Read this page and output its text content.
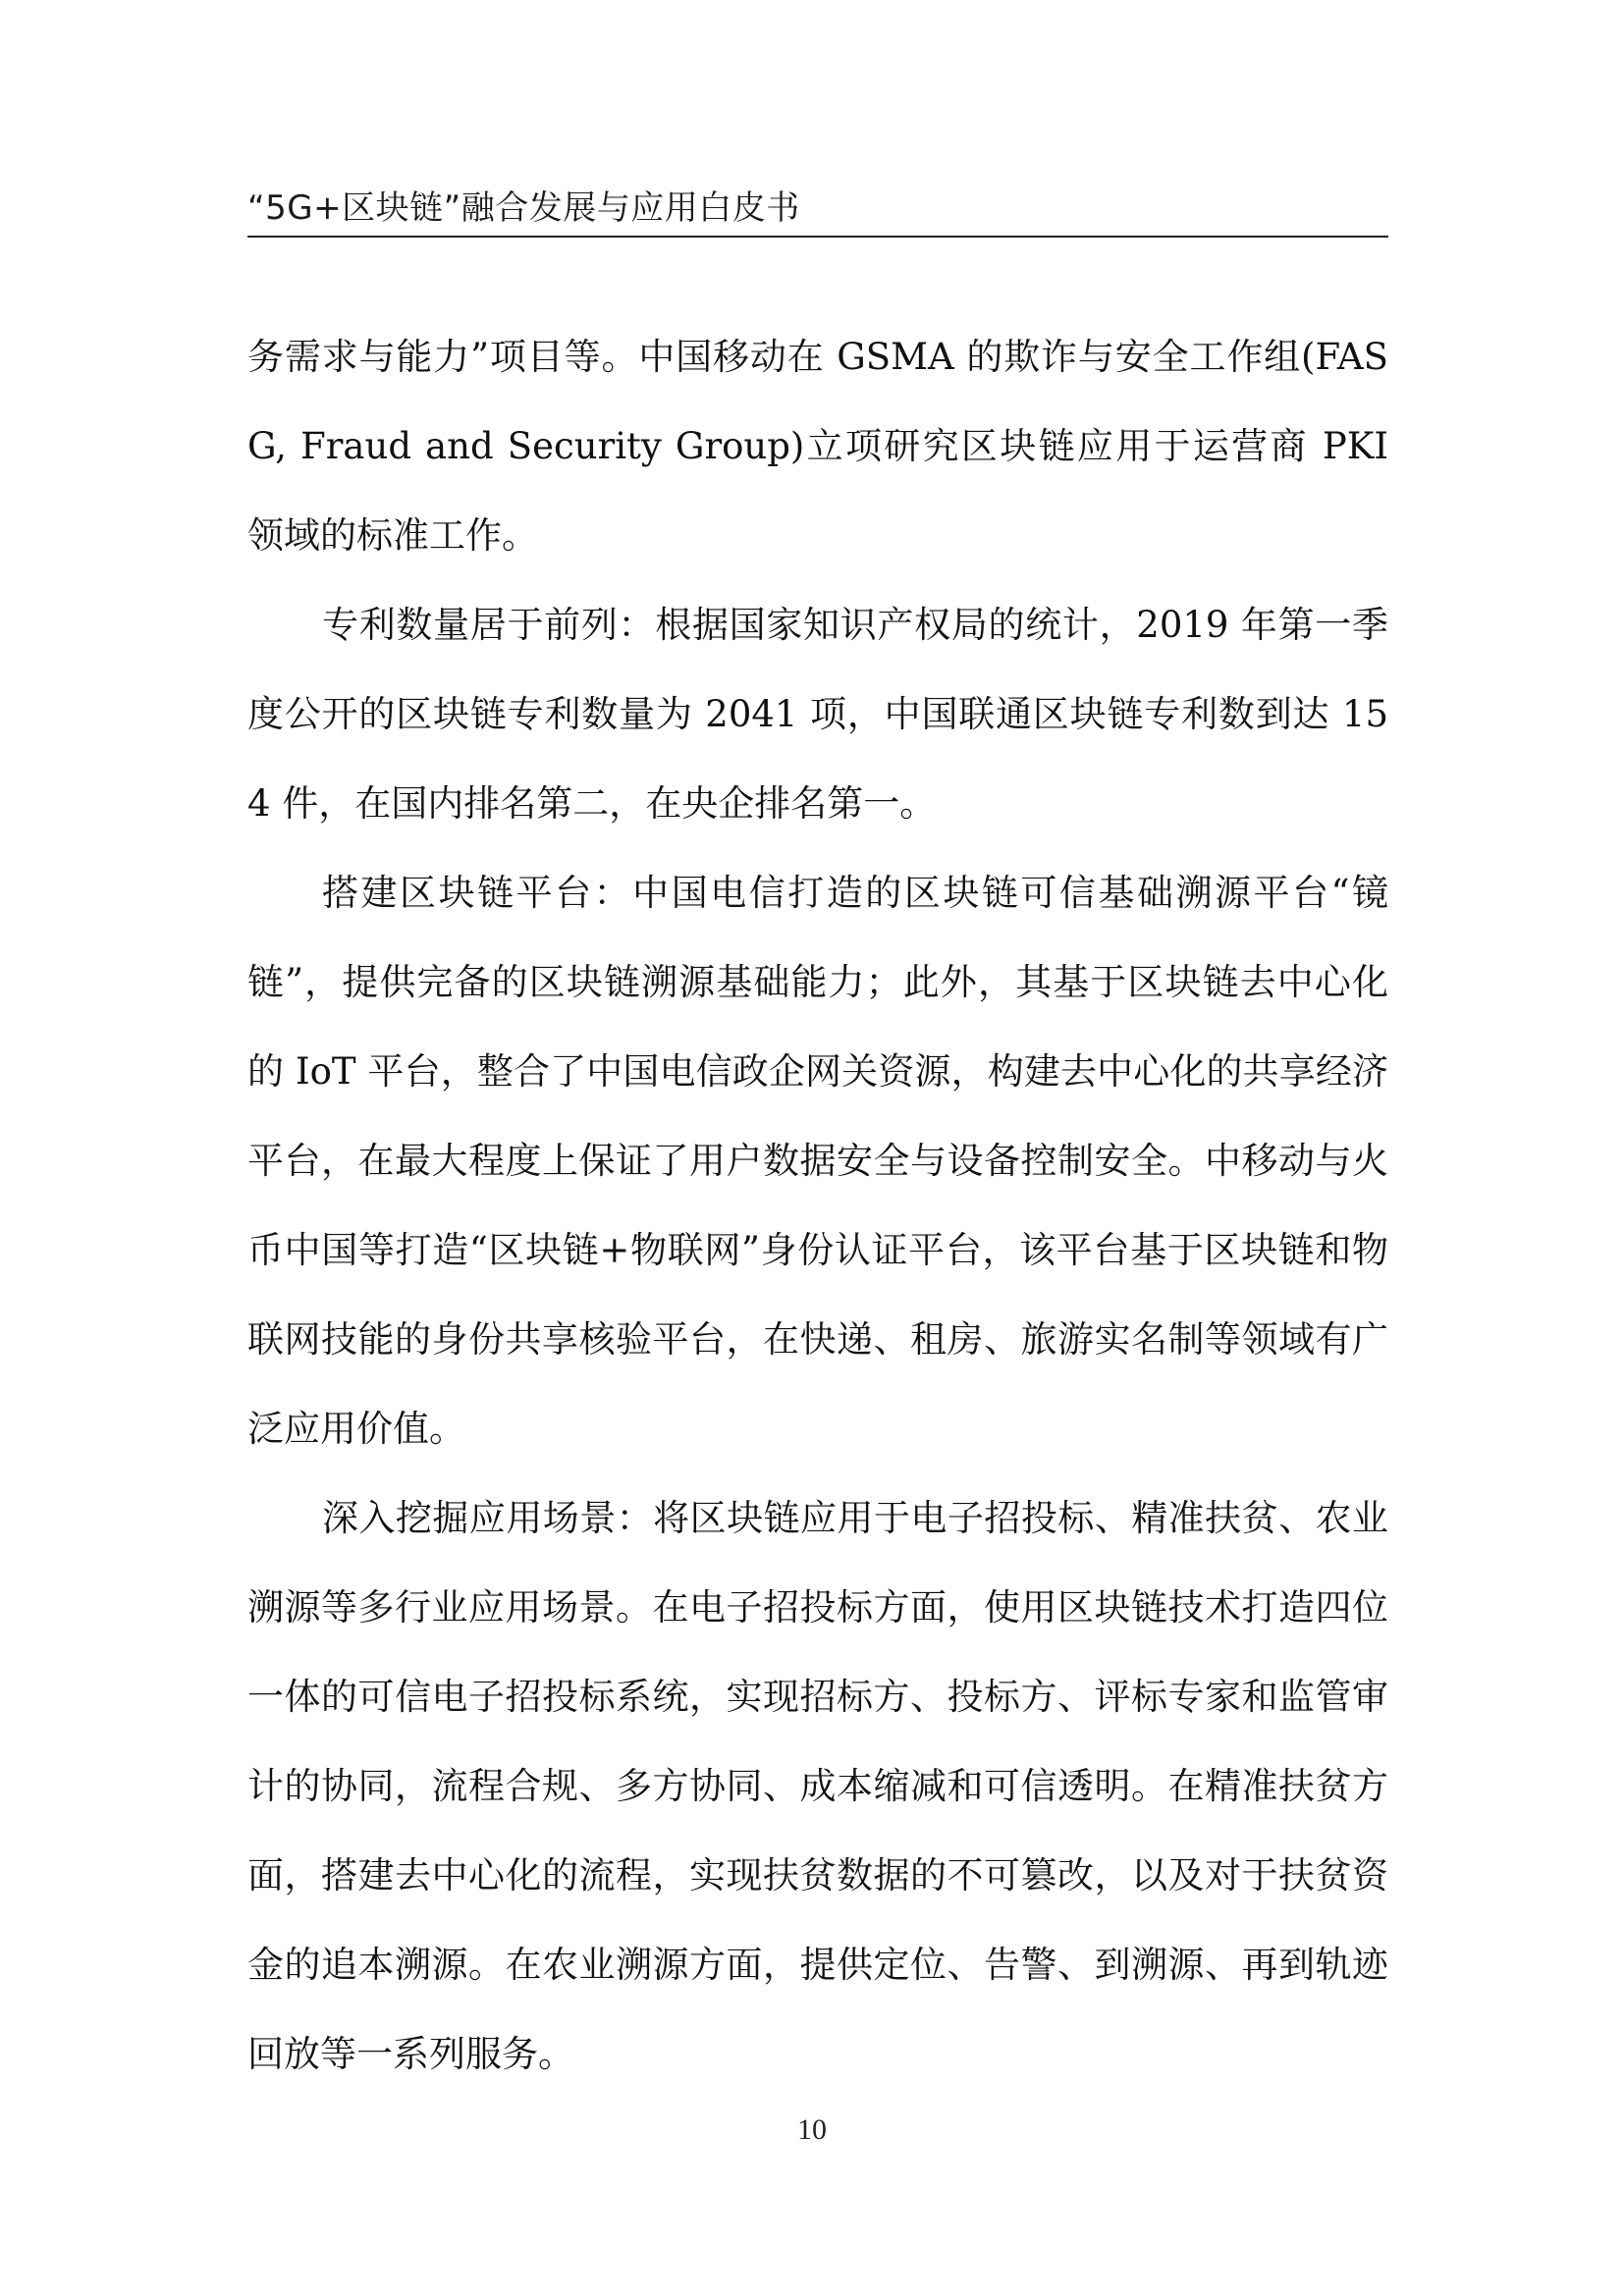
“5G+区块链”融合发展与应用白皮书

务需求与能力”项目等。中国移动在 GSMA 的欺诈与安全工作组(FASG, Fraud and Security Group)立项研究区块链应用于运营商 PKI 领域的标准工作。

专利数量居于前列：根据国家知识产权局的统计，2019 年第一季度公开的区块链专利数量为 2041 项，中国联通区块链专利数到达 154 件，在国内排名第二，在央企排名第一。

搭建区块链平台：中国电信打造的区块链可信基础溯源平台“镜链”，提供完备的区块链溯源基础能力；此外，其基于区块链去中心化的 IoT 平台，整合了中国电信政企网关资源，构建去中心化的共享经济平台，在最大程度上保证了用户数据安全与设备控制安全。中移动与火币中国等打造“区块链+物联网”身份认证平台，该平台基于区块链和物联网技能的身份共享核验平台，在快递、租房、旅游实名制等领域有广泛应用价值。

深入挖掘应用场景：将区块链应用于电子招投标、精准扶贫、农业溯源等多行业应用场景。在电子招投标方面，使用区块链技术打造四位一体的可信电子招投标系统，实现招标方、投标方、评标专家和监管审计的协同，流程合规、多方协同、成本缩减和可信透明。在精准扶贫方面，搭建去中心化的流程，实现扶贫数据的不可篡改，以及对于扶贫资金的追本溯源。在农业溯源方面，提供定位、告警、到溯源、再到轨迹回放等一系列服务。

10
